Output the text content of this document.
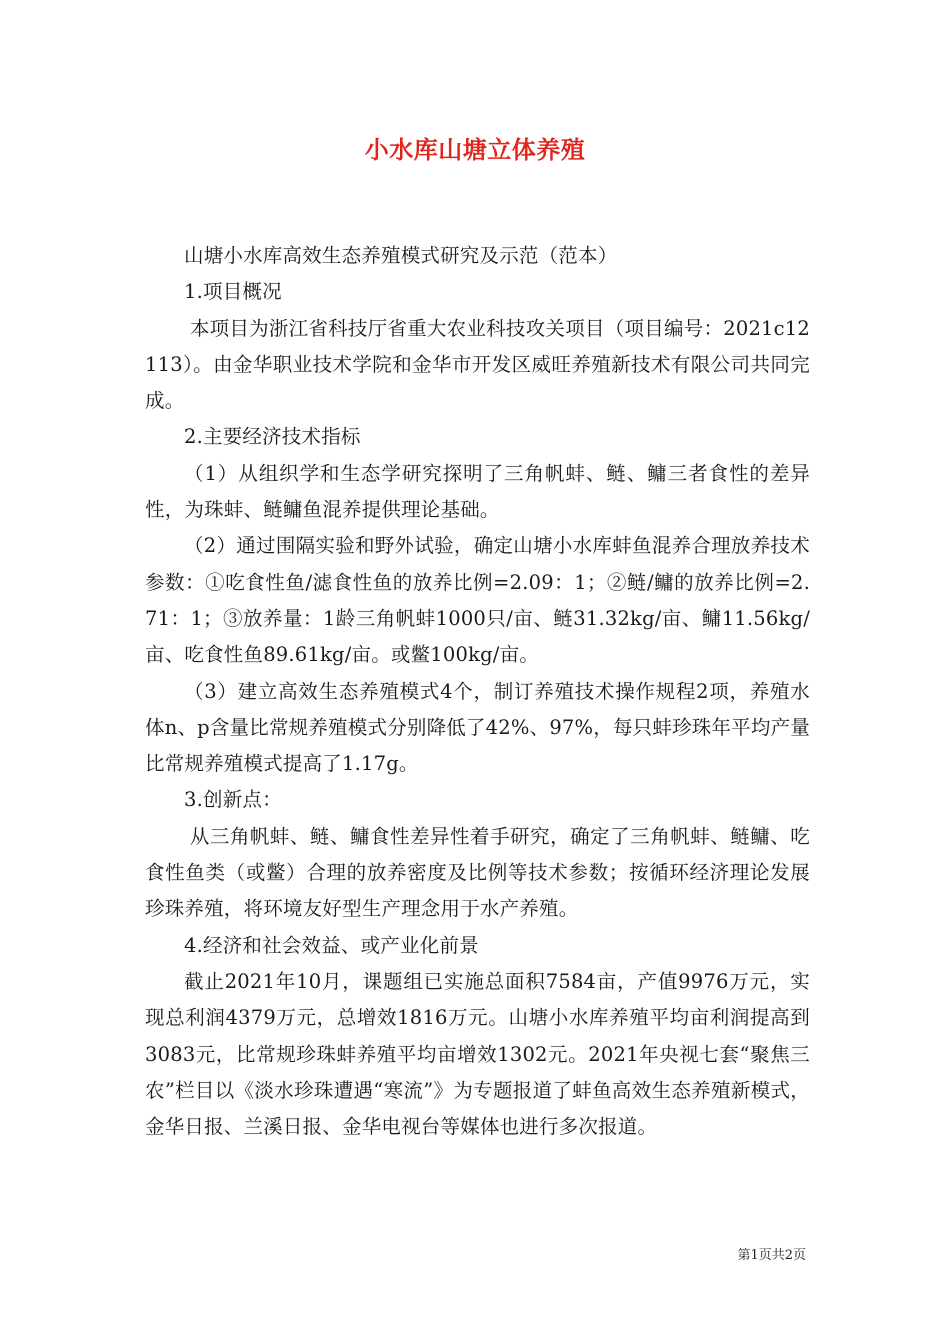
小水库山塘立体养殖

山塘小水库高效生态养殖模式研究及示范（范本）

1.项目概况

本项目为浙江省科技厅省重大农业科技攻关项目（项目编号：2021c12113）。由金华职业技术学院和金华市开发区威旺养殖新技术有限公司共同完成。

2.主要经济技术指标

（1）从组织学和生态学研究探明了三角帆蚌、鲢、鳙三者食性的差异性，为珠蚌、鲢鳙鱼混养提供理论基础。

（2）通过围隔实验和野外试验，确定山塘小水库蚌鱼混养合理放养技术参数：①吃食性鱼/滤食性鱼的放养比例=2.09：1；②鲢/鳙的放养比例=2.71：1；③放养量：1龄三角帆蚌1000只/亩、鲢31.32kg/亩、鳙11.56kg/亩、吃食性鱼89.61kg/亩。或鳖100kg/亩。

（3）建立高效生态养殖模式4个，制订养殖技术操作规程2项，养殖水体n、p含量比常规养殖模式分别降低了42%、97%，每只蚌珍珠年平均产量比常规养殖模式提高了1.17g。

3.创新点：

从三角帆蚌、鲢、鳙食性差异性着手研究，确定了三角帆蚌、鲢鳙、吃食性鱼类（或鳖）合理的放养密度及比例等技术参数；按循环经济理论发展珍珠养殖，将环境友好型生产理念用于水产养殖。

4.经济和社会效益、或产业化前景

截止2021年10月，课题组已实施总面积7584亩，产值9976万元，实现总利润4379万元，总增效1816万元。山塘小水库养殖平均亩利润提高到3083元，比常规珍珠蚌养殖平均亩增效1302元。2021年央视七套“聚焦三农”栏目以《淡水珍珠遭遇“寒流”》为专题报道了蚌鱼高效生态养殖新模式，金华日报、兰溪日报、金华电视台等媒体也进行多次报道。

第1页共2页
